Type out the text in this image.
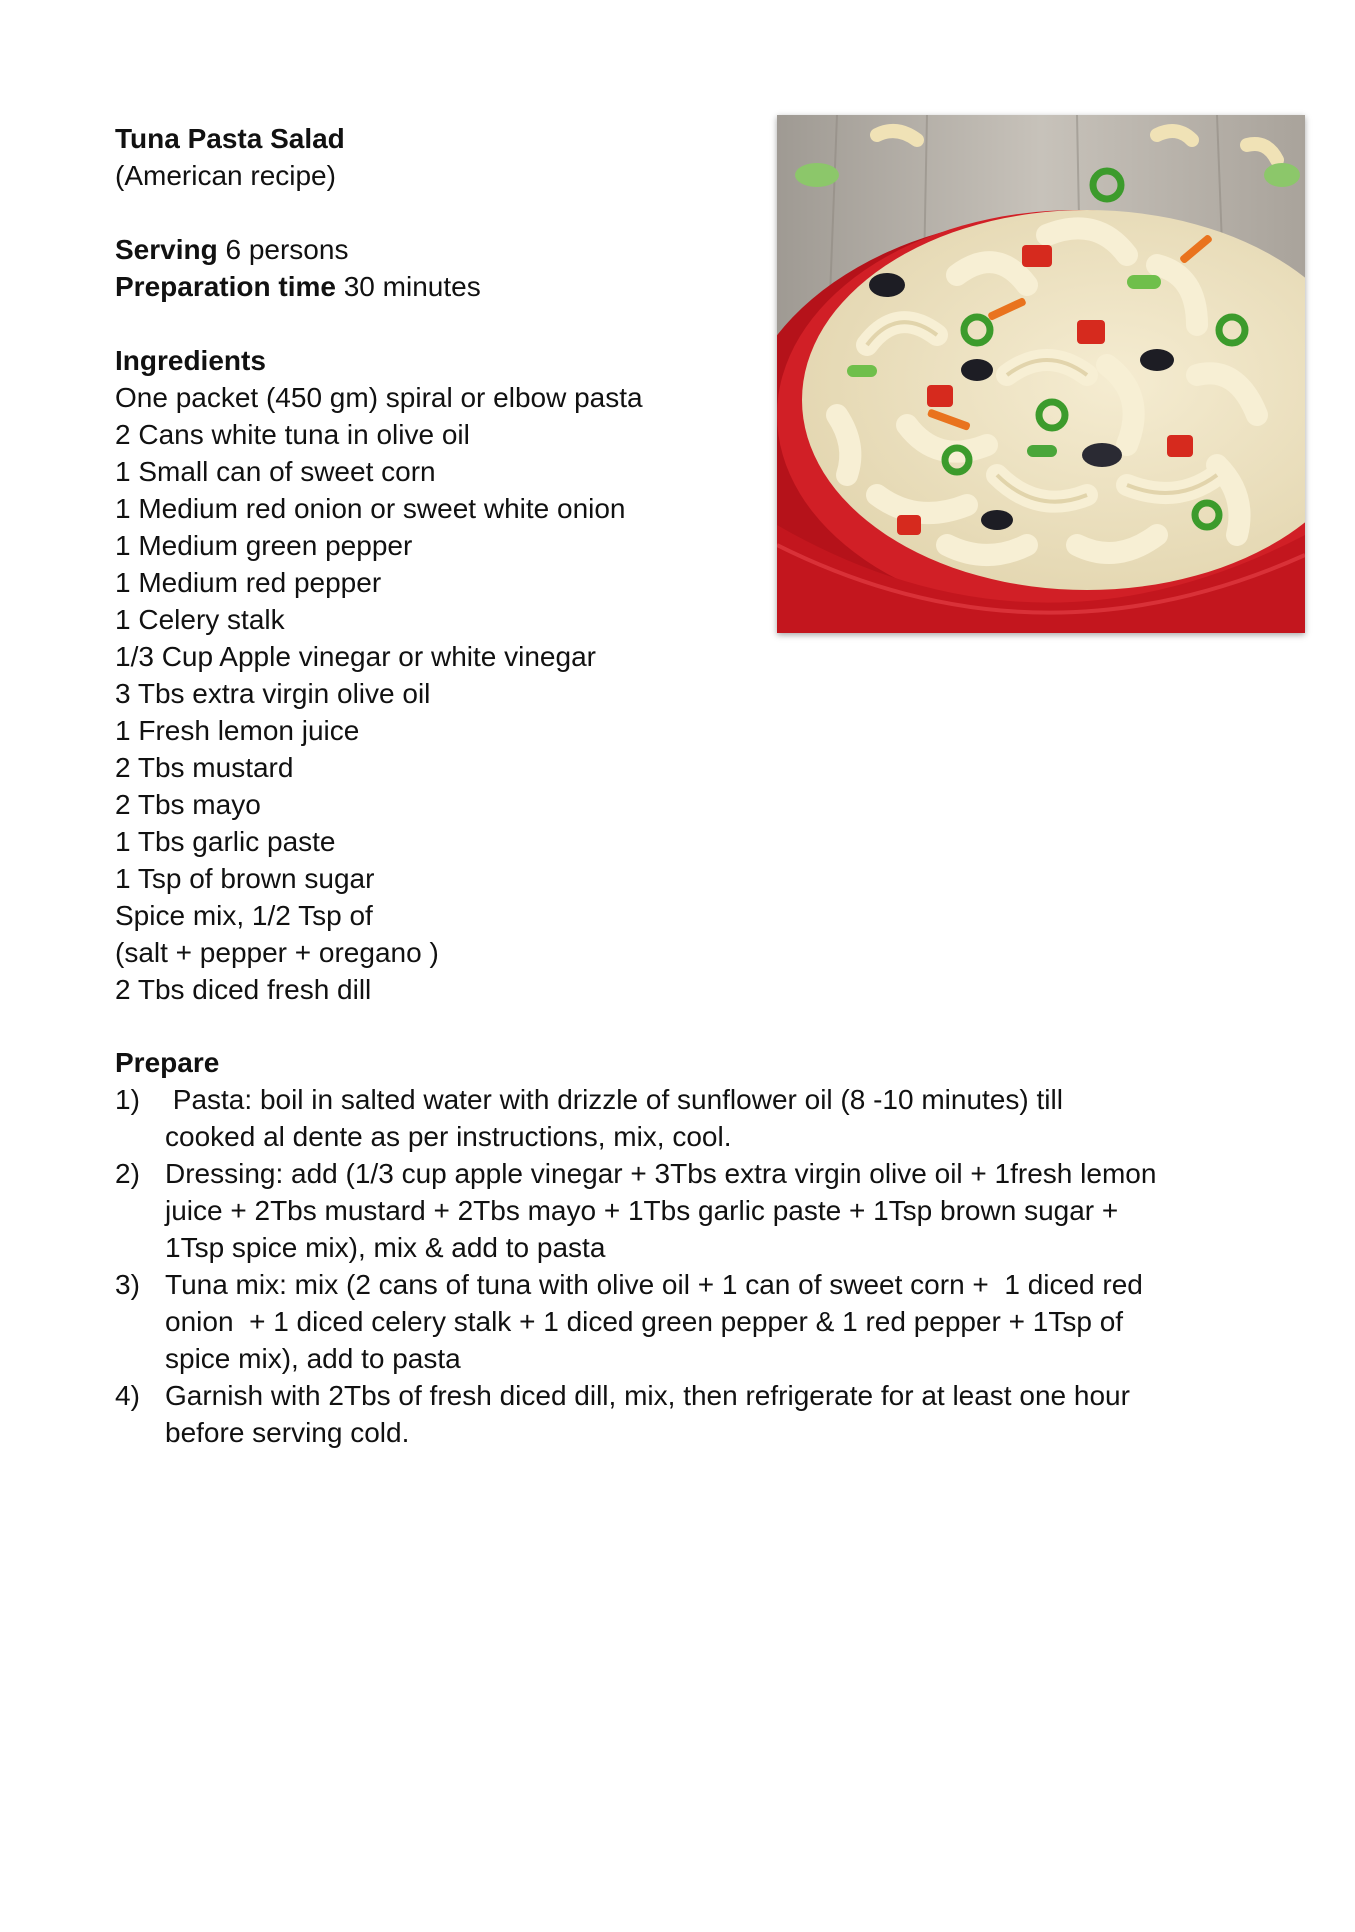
Tuna Pasta Salad
(American recipe)
Serving 6 persons
Preparation time 30 minutes
Ingredients
One packet (450 gm) spiral or elbow pasta
2 Cans white tuna in olive oil
1 Small can of sweet corn
1 Medium red onion or sweet white onion
1 Medium green pepper
1 Medium red pepper
1 Celery stalk
1/3 Cup Apple vinegar or white vinegar
3 Tbs extra virgin olive oil
1 Fresh lemon juice
2 Tbs mustard
2 Tbs mayo
1 Tbs garlic paste
1 Tsp of brown sugar
Spice mix, 1/2 Tsp of
(salt + pepper + oregano )
2 Tbs diced fresh dill
Prepare
1) Pasta: boil in salted water with drizzle of sunflower oil (8 -10 minutes) till
cooked al dente as per instructions, mix, cool.
2) Dressing: add (1/3 cup apple vinegar + 3Tbs extra virgin olive oil + 1fresh lemon
juice + 2Tbs mustard + 2Tbs mayo + 1Tbs garlic paste + 1Tsp brown sugar +
1Tsp spice mix), mix & add to pasta
3) Tuna mix: mix (2 cans of tuna with olive oil + 1 can of sweet corn +  1 diced red
onion  + 1 diced celery stalk + 1 diced green pepper & 1 red pepper + 1Tsp of
spice mix), add to pasta
4) Garnish with 2Tbs of fresh diced dill, mix, then refrigerate for at least one hour
before serving cold.
